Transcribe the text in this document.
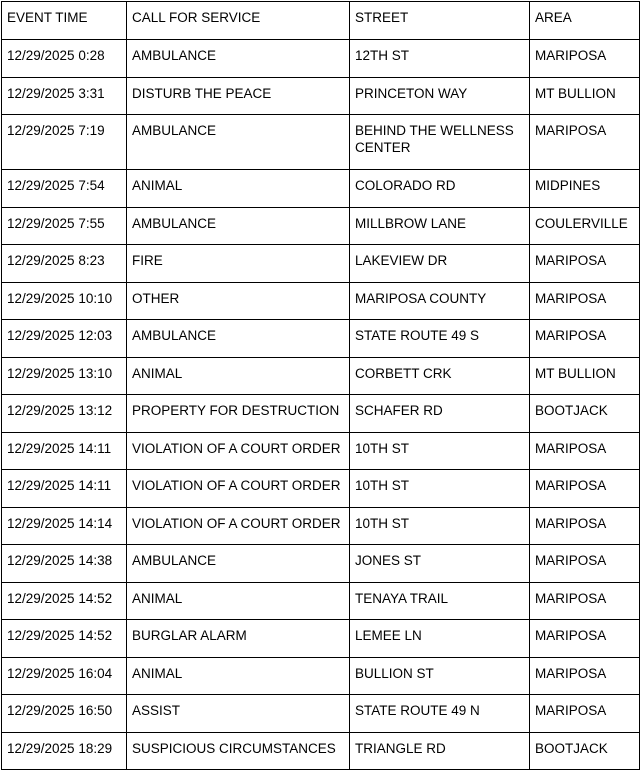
EVENT TIME	CALL FOR SERVICE	STREET	AREA
12/29/2025 0:28	AMBULANCE	12TH ST	MARIPOSA
12/29/2025 3:31	DISTURB THE PEACE	PRINCETON WAY	MT BULLION
12/29/2025 7:19	AMBULANCE	BEHIND THE WELLNESS CENTER	MARIPOSA
12/29/2025 7:54	ANIMAL	COLORADO RD	MIDPINES
12/29/2025 7:55	AMBULANCE	MILLBROW LANE	COULERVILLE
12/29/2025 8:23	FIRE	LAKEVIEW DR	MARIPOSA
12/29/2025 10:10	OTHER	MARIPOSA COUNTY	MARIPOSA
12/29/2025 12:03	AMBULANCE	STATE ROUTE 49 S	MARIPOSA
12/29/2025 13:10	ANIMAL	CORBETT CRK	MT BULLION
12/29/2025 13:12	PROPERTY FOR DESTRUCTION	SCHAFER RD	BOOTJACK
12/29/2025 14:11	VIOLATION OF A COURT ORDER	10TH ST	MARIPOSA
12/29/2025 14:11	VIOLATION OF A COURT ORDER	10TH ST	MARIPOSA
12/29/2025 14:14	VIOLATION OF A COURT ORDER	10TH ST	MARIPOSA
12/29/2025 14:38	AMBULANCE	JONES ST	MARIPOSA
12/29/2025 14:52	ANIMAL	TENAYA TRAIL	MARIPOSA
12/29/2025 14:52	BURGLAR ALARM	LEMEE LN	MARIPOSA
12/29/2025 16:04	ANIMAL	BULLION ST	MARIPOSA
12/29/2025 16:50	ASSIST	STATE ROUTE 49 N	MARIPOSA
12/29/2025 18:29	SUSPICIOUS CIRCUMSTANCES	TRIANGLE RD	BOOTJACK
